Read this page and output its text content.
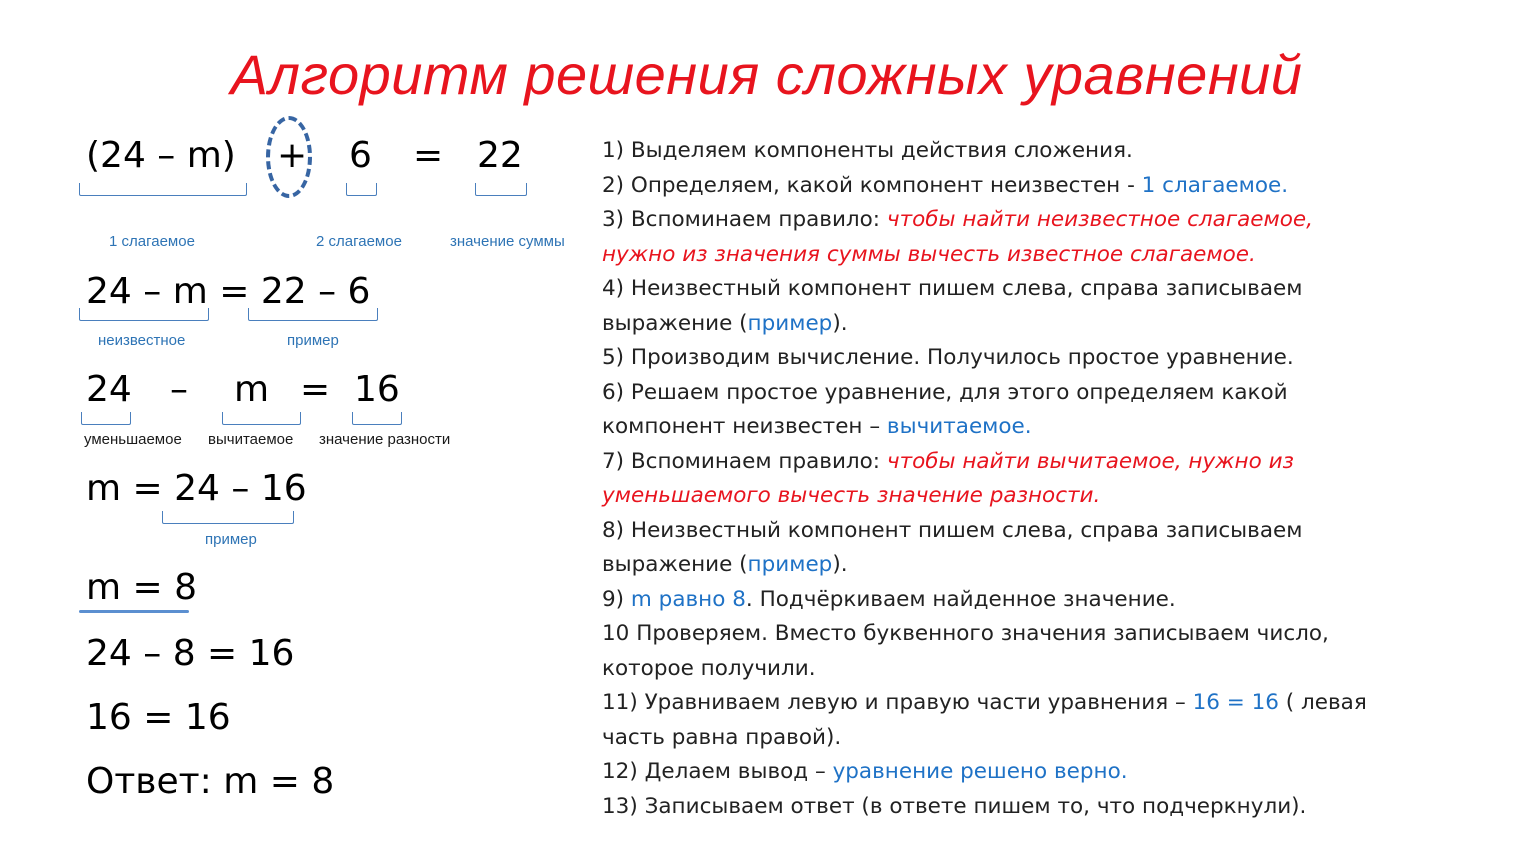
Алгоритм решения сложных уравнений
(24 – m) + 6 = 22
1 слагаемое	2 слагаемое	значение суммы
24 – m = 22 – 6
неизвестное	пример
24 – m = 16
уменьшаемое вычитаемое значение разности
m = 24 – 16
пример
m = 8
24 – 8 = 16
16 = 16
Ответ: m = 8
1) Выделяем компоненты действия сложения.
2) Определяем, какой компонент неизвестен - 1 слагаемое.
3) Вспоминаем правило: чтобы найти неизвестное слагаемое,
нужно из значения суммы вычесть известное слагаемое.
4) Неизвестный компонент пишем слева, справа записываем
выражение (пример).
5) Производим вычисление. Получилось простое уравнение.
6) Решаем простое уравнение, для этого определяем какой
компонент неизвестен – вычитаемое.
7) Вспоминаем правило: чтобы найти вычитаемое, нужно из
уменьшаемого вычесть значение разности.
8) Неизвестный компонент пишем слева, справа записываем
выражение (пример).
9) m равно 8. Подчёркиваем найденное значение.
10 Проверяем. Вместо буквенного значения записываем число,
которое получили.
11) Уравниваем левую и правую части уравнения – 16 = 16 ( левая
часть равна правой).
12) Делаем вывод – уравнение решено верно.
13) Записываем ответ (в ответе пишем то, что подчеркнули).
